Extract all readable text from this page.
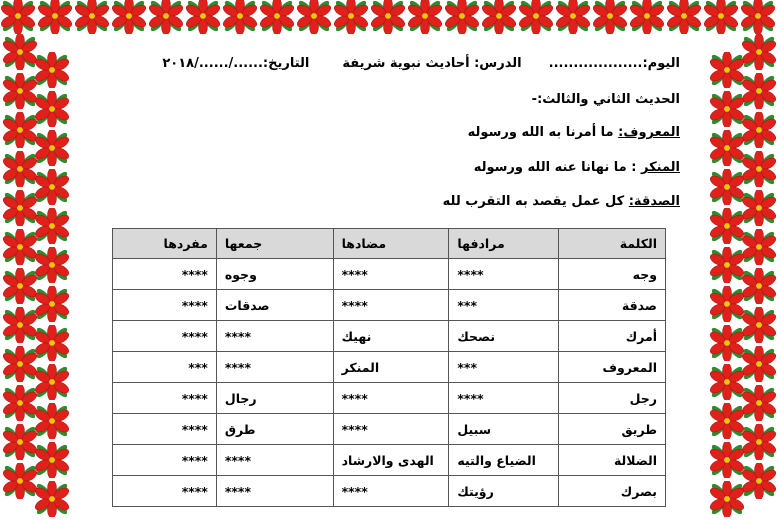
اليوم:...................  الدرس: أحاديث نبوية شريفة  التاريخ:....../....../٢٠١٨
الحديث الثاني والثالث:-
المعروف: ما أمرنا به الله ورسوله
المنكر : ما نهانا عنه الله ورسوله
الصدقة: كل عمل يقصد به التقرب لله
الكلمة	مرادفها	مضادها	جمعها	مفردها
وجه	****	****	وجوه	****
صدقة	***	****	صدقات	****
أمرك	نصحك	نهيك	****	****
المعروف	***	المنكر	****	***
رجل	****	****	رجال	****
طريق	سبيل	****	طرق	****
الضلالة	الضياع والتيه	الهدى والارشاد	****	****
بصرك	رؤيتك	****	****	****
